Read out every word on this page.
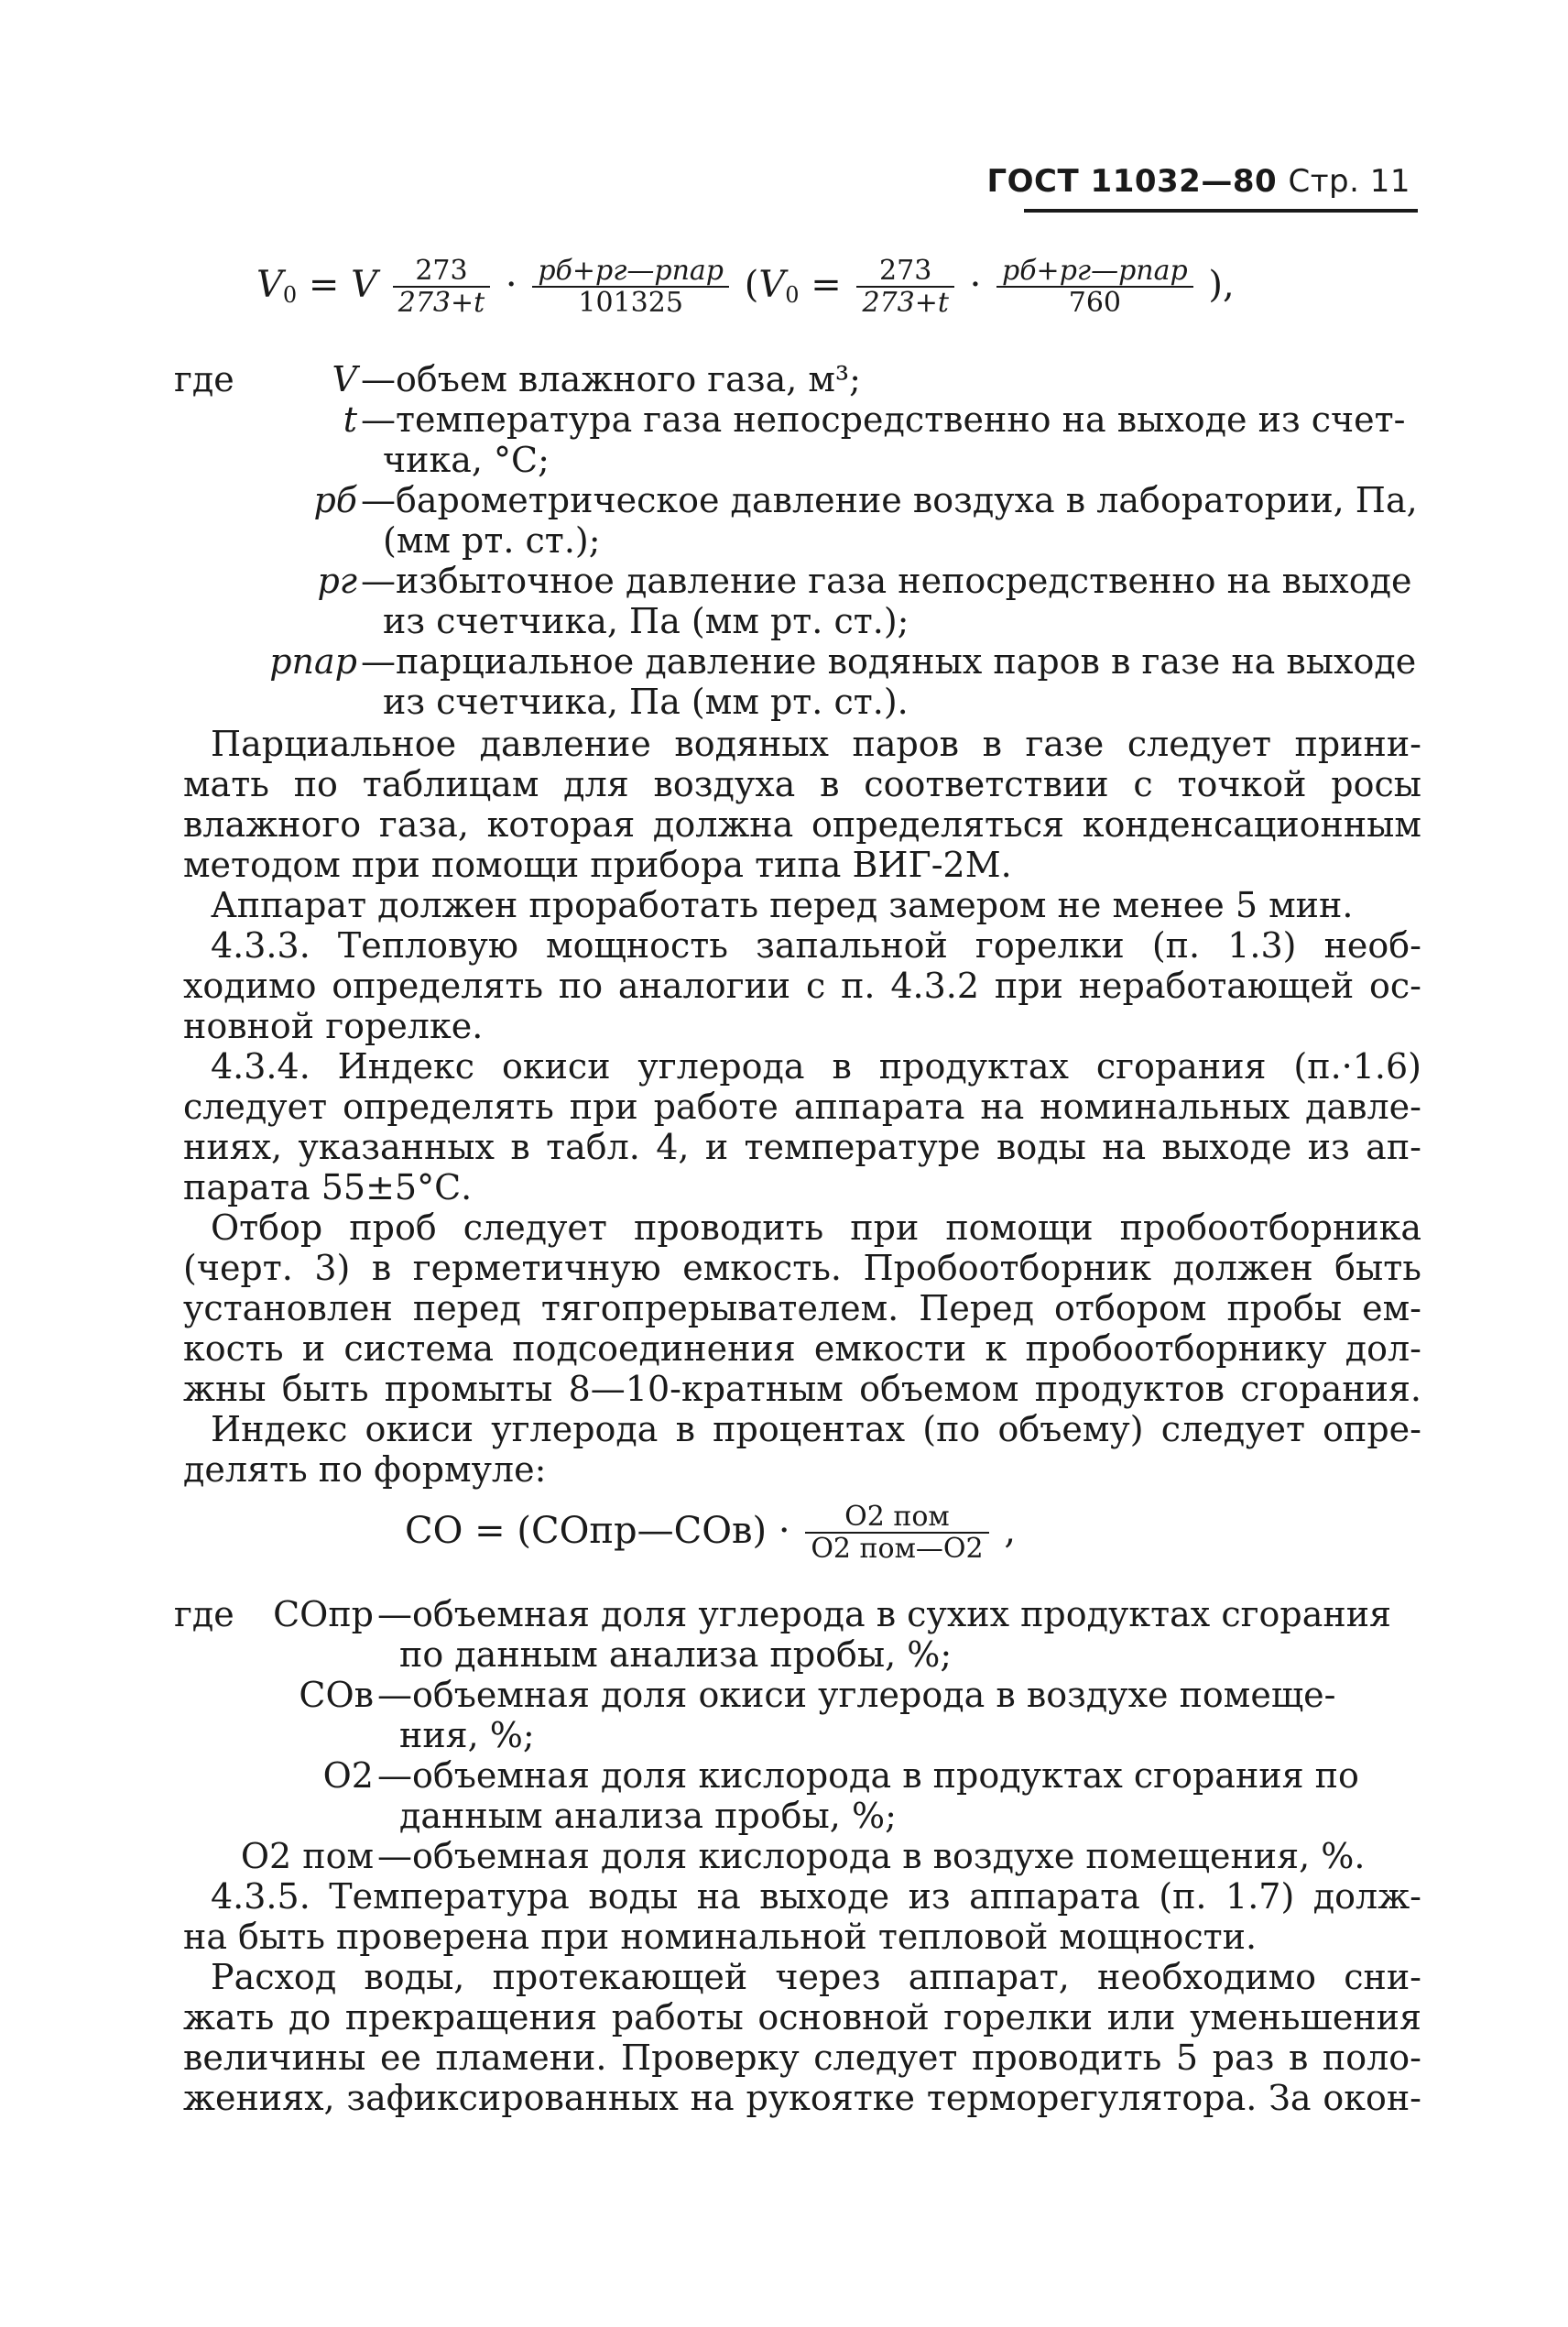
ГОСТ 11032—80 Стр. 11
$V_0 = V \frac{273}{273+t} \cdot \frac{\text{pб+pг—pпар}}{101325} (V_0 = \frac{273}{273+t} \cdot \frac{\text{pб+pг—pпар}}{760}$ ),
где	V —объем влажного газа, м³;
t —температура газа непосредственно на выходе из счет-
чика, °С;
pб —барометрическое давление воздуха в лаборатории, Па,
(мм рт. ст.);
pг —избыточное давление газа непосредственно на выходе
из счетчика, Па (мм рт. ст.);
pпар —парциальное давление водяных паров в газе на выходе
из счетчика, Па (мм рт. ст.).
Парциальное давление водяных паров в газе следует прини-
мать по таблицам для воздуха в соответствии с точкой росы
влажного газа, которая должна определяться конденсационным
методом при помощи прибора типа ВИГ-2М.
Аппарат должен проработать перед замером не менее 5 мин.
4.3.3. Тепловую мощность запальной горелки (п. 1.3) необ-
ходимо определять по аналогии с п. 4.3.2 при неработающей ос-
новной горелке.
4.3.4. Индекс окиси углерода в продуктах сгорания (п.·1.6)
следует определять при работе аппарата на номинальных давле-
ниях, указанных в табл. 4, и температуре воды на выходе из ап-
парата 55±5°С.
Отбор проб следует проводить при помощи пробоотборника
(черт. 3) в герметичную емкость. Пробоотборник должен быть
установлен перед тягопрерывателем. Перед отбором пробы ем-
кость и система подсоединения емкости к пробоотборнику дол-
жны быть промыты 8—10-кратным объемом продуктов сгорания.
Индекс окиси углерода в процентах (по объему) следует опре-
делять по формуле:
CO = (COпр—COв) · $\frac{\text{O2 пом}}{\text{O2 пом—O2}}$ ,
где	COпр —объемная доля углерода в сухих продуктах сгорания
по данным анализа пробы, %;
COв —объемная доля окиси углерода в воздухе помеще-
ния, %;
O2 —объемная доля кислорода в продуктах сгорания по
данным анализа пробы, %;
O2 пом —объемная доля кислорода в воздухе помещения, %.
4.3.5. Температура воды на выходе из аппарата (п. 1.7) долж-
на быть проверена при номинальной тепловой мощности.
Расход воды, протекающей через аппарат, необходимо сни-
жать до прекращения работы основной горелки или уменьшения
величины ее пламени. Проверку следует проводить 5 раз в поло-
жениях, зафиксированных на рукоятке терморегулятора. За окон-
